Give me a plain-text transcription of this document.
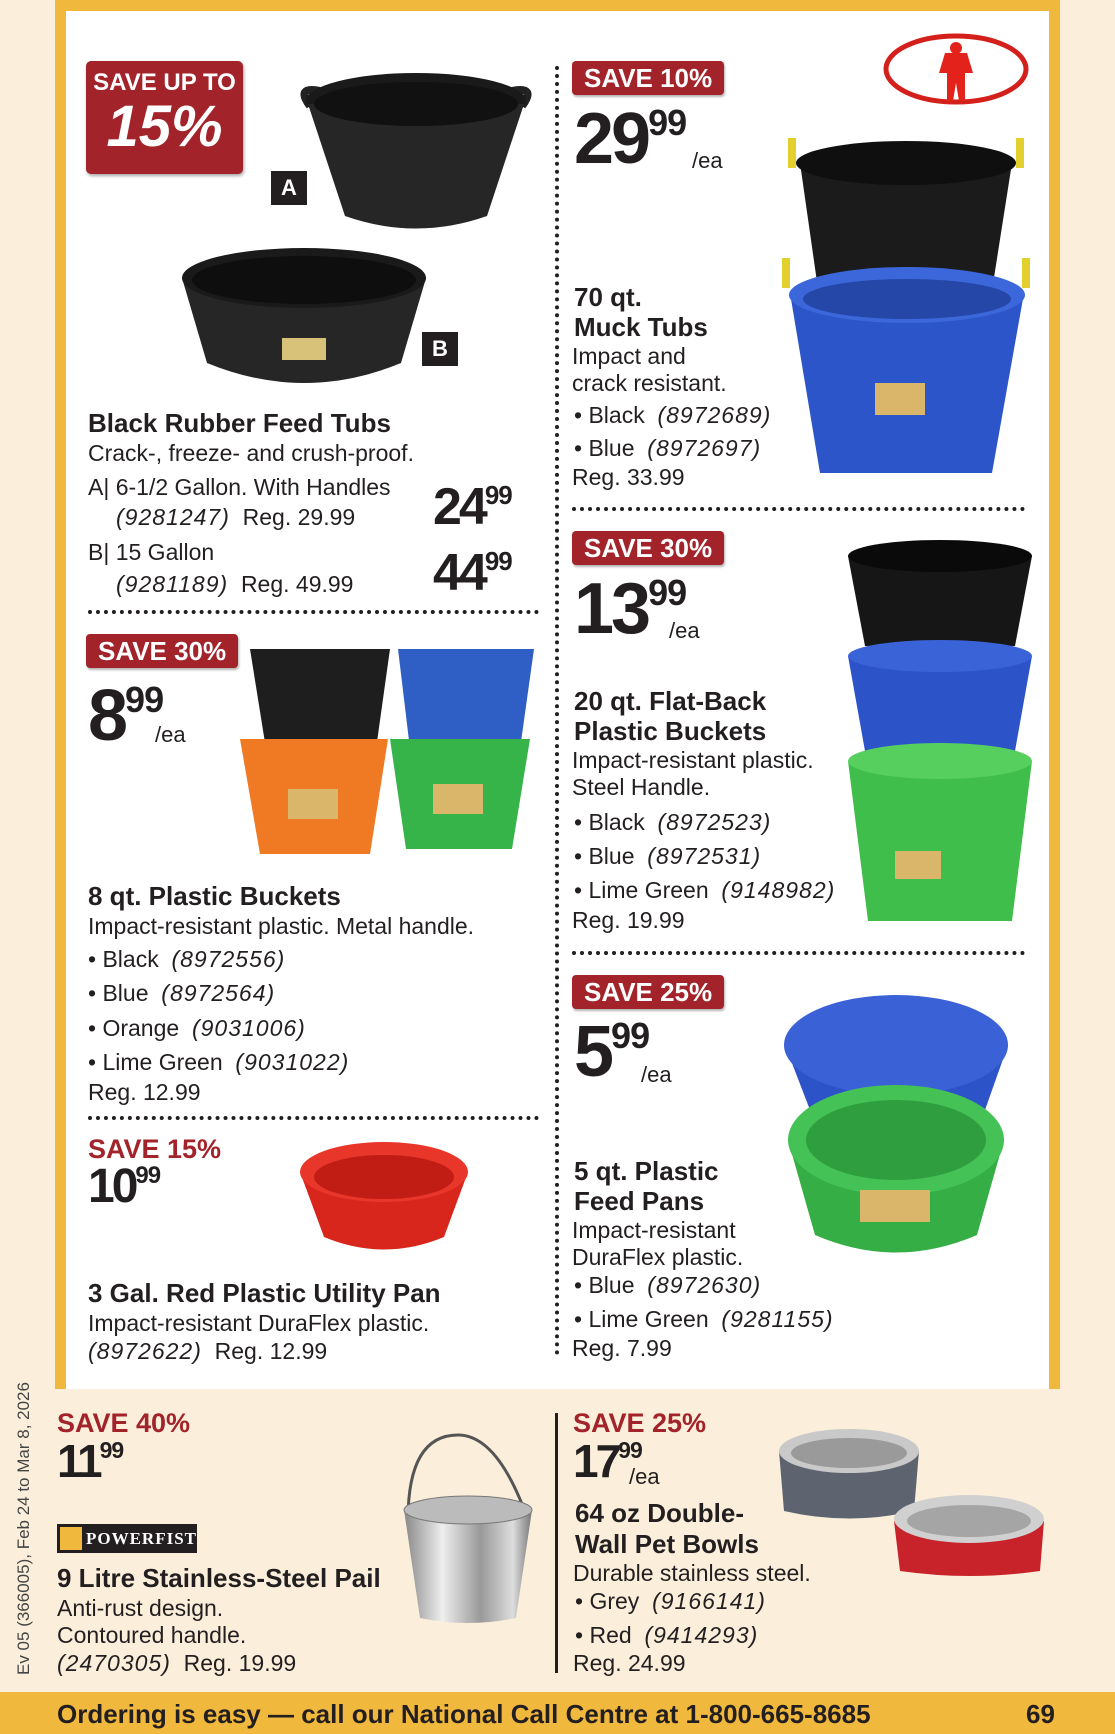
Ev 05 (366005), Feb 24 to Mar 8, 2026
SAVE UP TO
15%
A
B
Black Rubber Feed Tubs
Crack-, freeze- and crush-proof.
A| 6-1/2 Gallon. With Handles
(9281247) Reg. 29.99 $24^{99}$
B| 15 Gallon
(9281189) Reg. 49.99 $44^{99}$
SAVE 30%
$8^{99}$
/ea
8 qt. Plastic Buckets
Impact-resistant plastic. Metal handle.
• Black (8972556)
• Blue (8972564)
• Orange (9031006)
• Lime Green (9031022)
Reg. 12.99
SAVE 15%
$10^{99}$
3 Gal. Red Plastic Utility Pan
Impact-resistant DuraFlex plastic.
(8972622) Reg. 12.99
SAVE 10%
$29^{99}$
/ea
70 qt.
Muck Tubs
Impact and
crack resistant.
• Black (8972689)
• Blue (8972697)
Reg. 33.99
SAVE 30%
$13^{99}$
/ea
20 qt. Flat-Back
Plastic Buckets
Impact-resistant plastic.
Steel Handle.
• Black (8972523)
• Blue (8972531)
• Lime Green (9148982)
Reg. 19.99
SAVE 25%
$5^{99}$
/ea
5 qt. Plastic
Feed Pans
Impact-resistant
DuraFlex plastic.
• Blue (8972630)
• Lime Green (9281155)
Reg. 7.99
SAVE 40%
$11^{99}$
POWERFIST
9 Litre Stainless-Steel Pail
Anti-rust design.
Contoured handle.
(2470305) Reg. 19.99
SAVE 25%
$17^{99}$
/ea
64 oz Double-
Wall Pet Bowls
Durable stainless steel.
• Grey (9166141)
• Red (9414293)
Reg. 24.99
Ordering is easy — call our National Call Centre at 1-800-665-8685	69
